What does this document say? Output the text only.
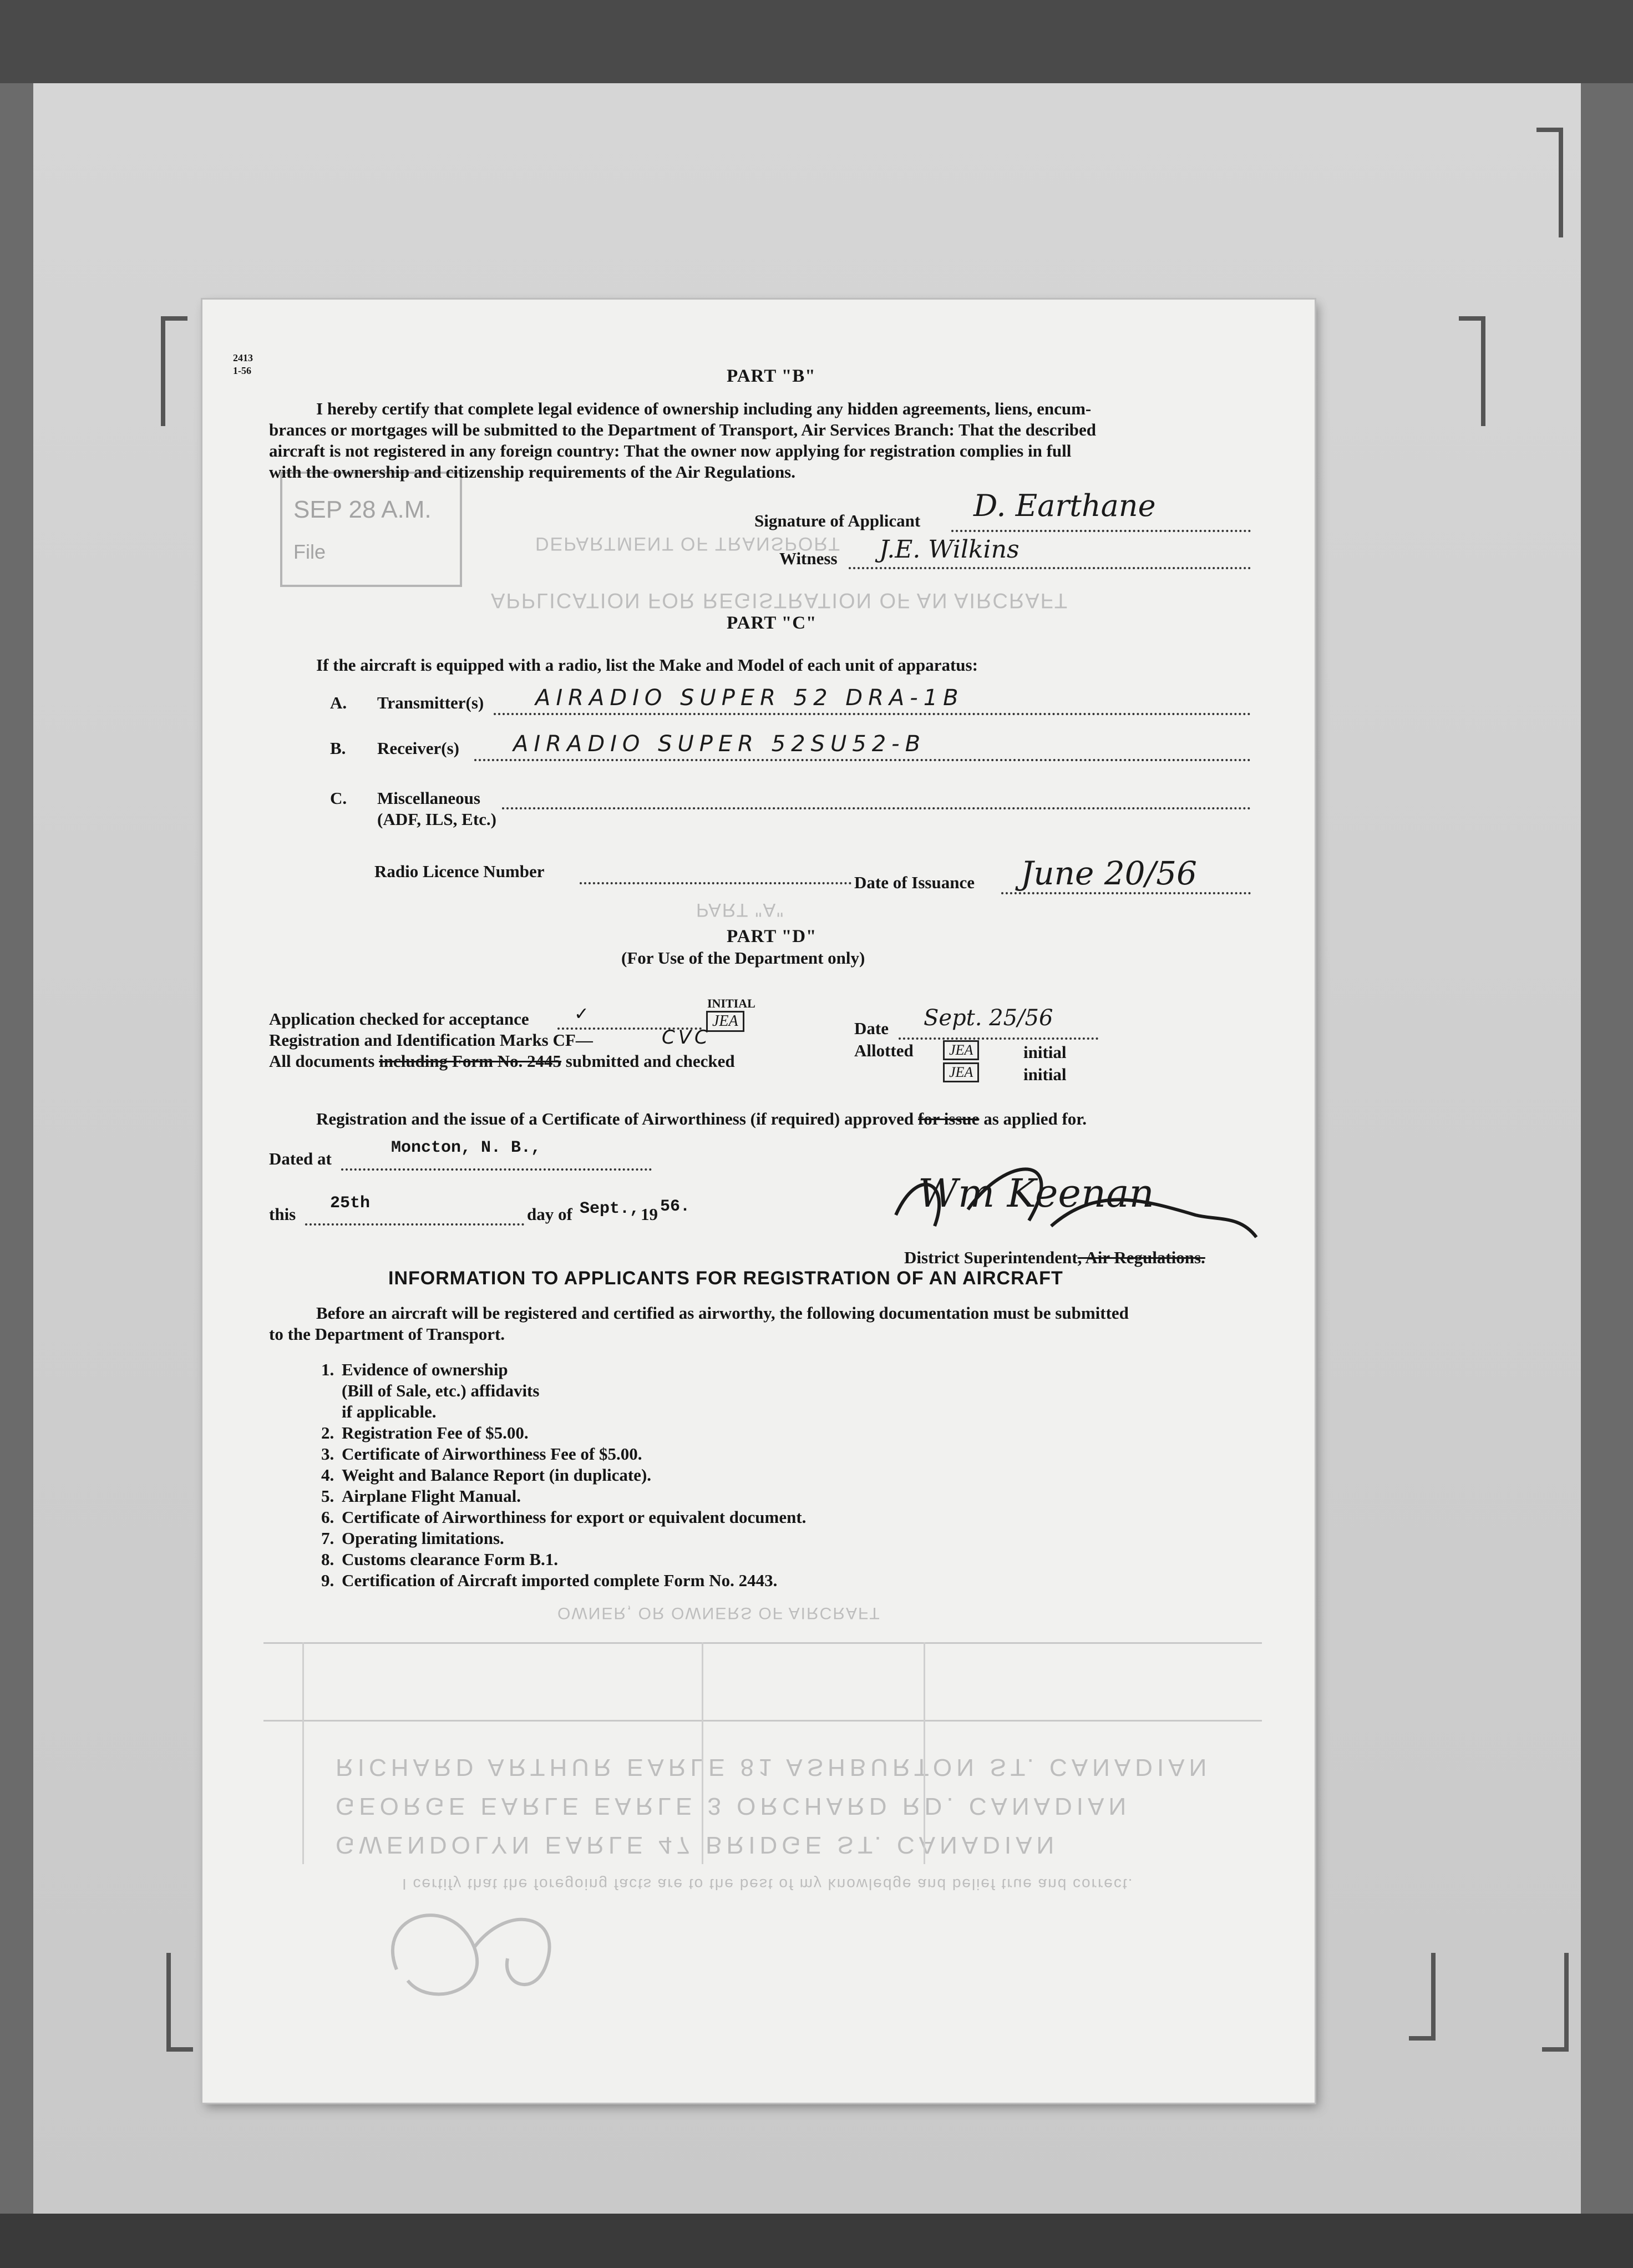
DEPARTMENT OF TRANSPORT
APPLICATION FOR REGISTRATION OF AN AIRCRAFT
PART "A"
OWNER, OR OWNERS OF AIRCRAFT
RICHARD ARTHUR EARLE 81 ASHBURTON ST. CANADIAN
GEORGE EARLE EARLE 3 ORCHARD RD. CANADIAN
GWENDOLYN EARLE 47 BRIDGE ST. CANADIAN
I certify that the foregoing facts are to the best of my knowledge and belief true and correct.
SEP 28 A.M.
File
2413
1-56	PART "B"
I hereby certify that complete legal evidence of ownership including any hidden agreements, liens, encum-
brances or mortgages will be submitted to the Department of Transport, Air Services Branch: That the described
aircraft is not registered in any foreign country: That the owner now applying for registration complies in full
with the ownership and citizenship requirements of the Air Regulations.
Signature of Applicant D. Earthane
Witness J.E. Wilkins
PART "C"
If the aircraft is equipped with a radio, list the Make and Model of each unit of apparatus:
A. Transmitter(s) AIRADIO SUPER 52 DRA-1B
B. Receiver(s) AIRADIO SUPER 52SU52-B
C. Miscellaneous
(ADF, ILS, Etc.)
Radio Licence Number
Date of Issuance June 20/56
PART "D"
(For Use of the Department only)
INITIAL
Application checked for acceptance	✓	JEA
Registration and Identification Marks CF—	CVC
All documents including Form No. 2445 submitted and checked
Date Sept. 25/56
Allotted	JEA	initial
JEA	initial
Registration and the issue of a Certificate of Airworthiness (if required) approved for issue as applied for.
Dated at
Moncton, N. B.,
this
25th
day of Sept., 19 56.	Wm Keenan
District Superintendent, Air Regulations.
INFORMATION TO APPLICANTS FOR REGISTRATION OF AN AIRCRAFT
Before an aircraft will be registered and certified as airworthy, the following documentation must be submitted
to the Department of Transport.
1. Evidence of ownership (Bill of Sale, etc.) affidavits if applicable.
2. Registration Fee of $5.00.
3. Certificate of Airworthiness Fee of $5.00.
4. Weight and Balance Report (in duplicate).
5. Airplane Flight Manual.
6. Certificate of Airworthiness for export or equivalent document.
7. Operating limitations.
8. Customs clearance Form B.1.
9. Certification of Aircraft imported complete Form No. 2443.
